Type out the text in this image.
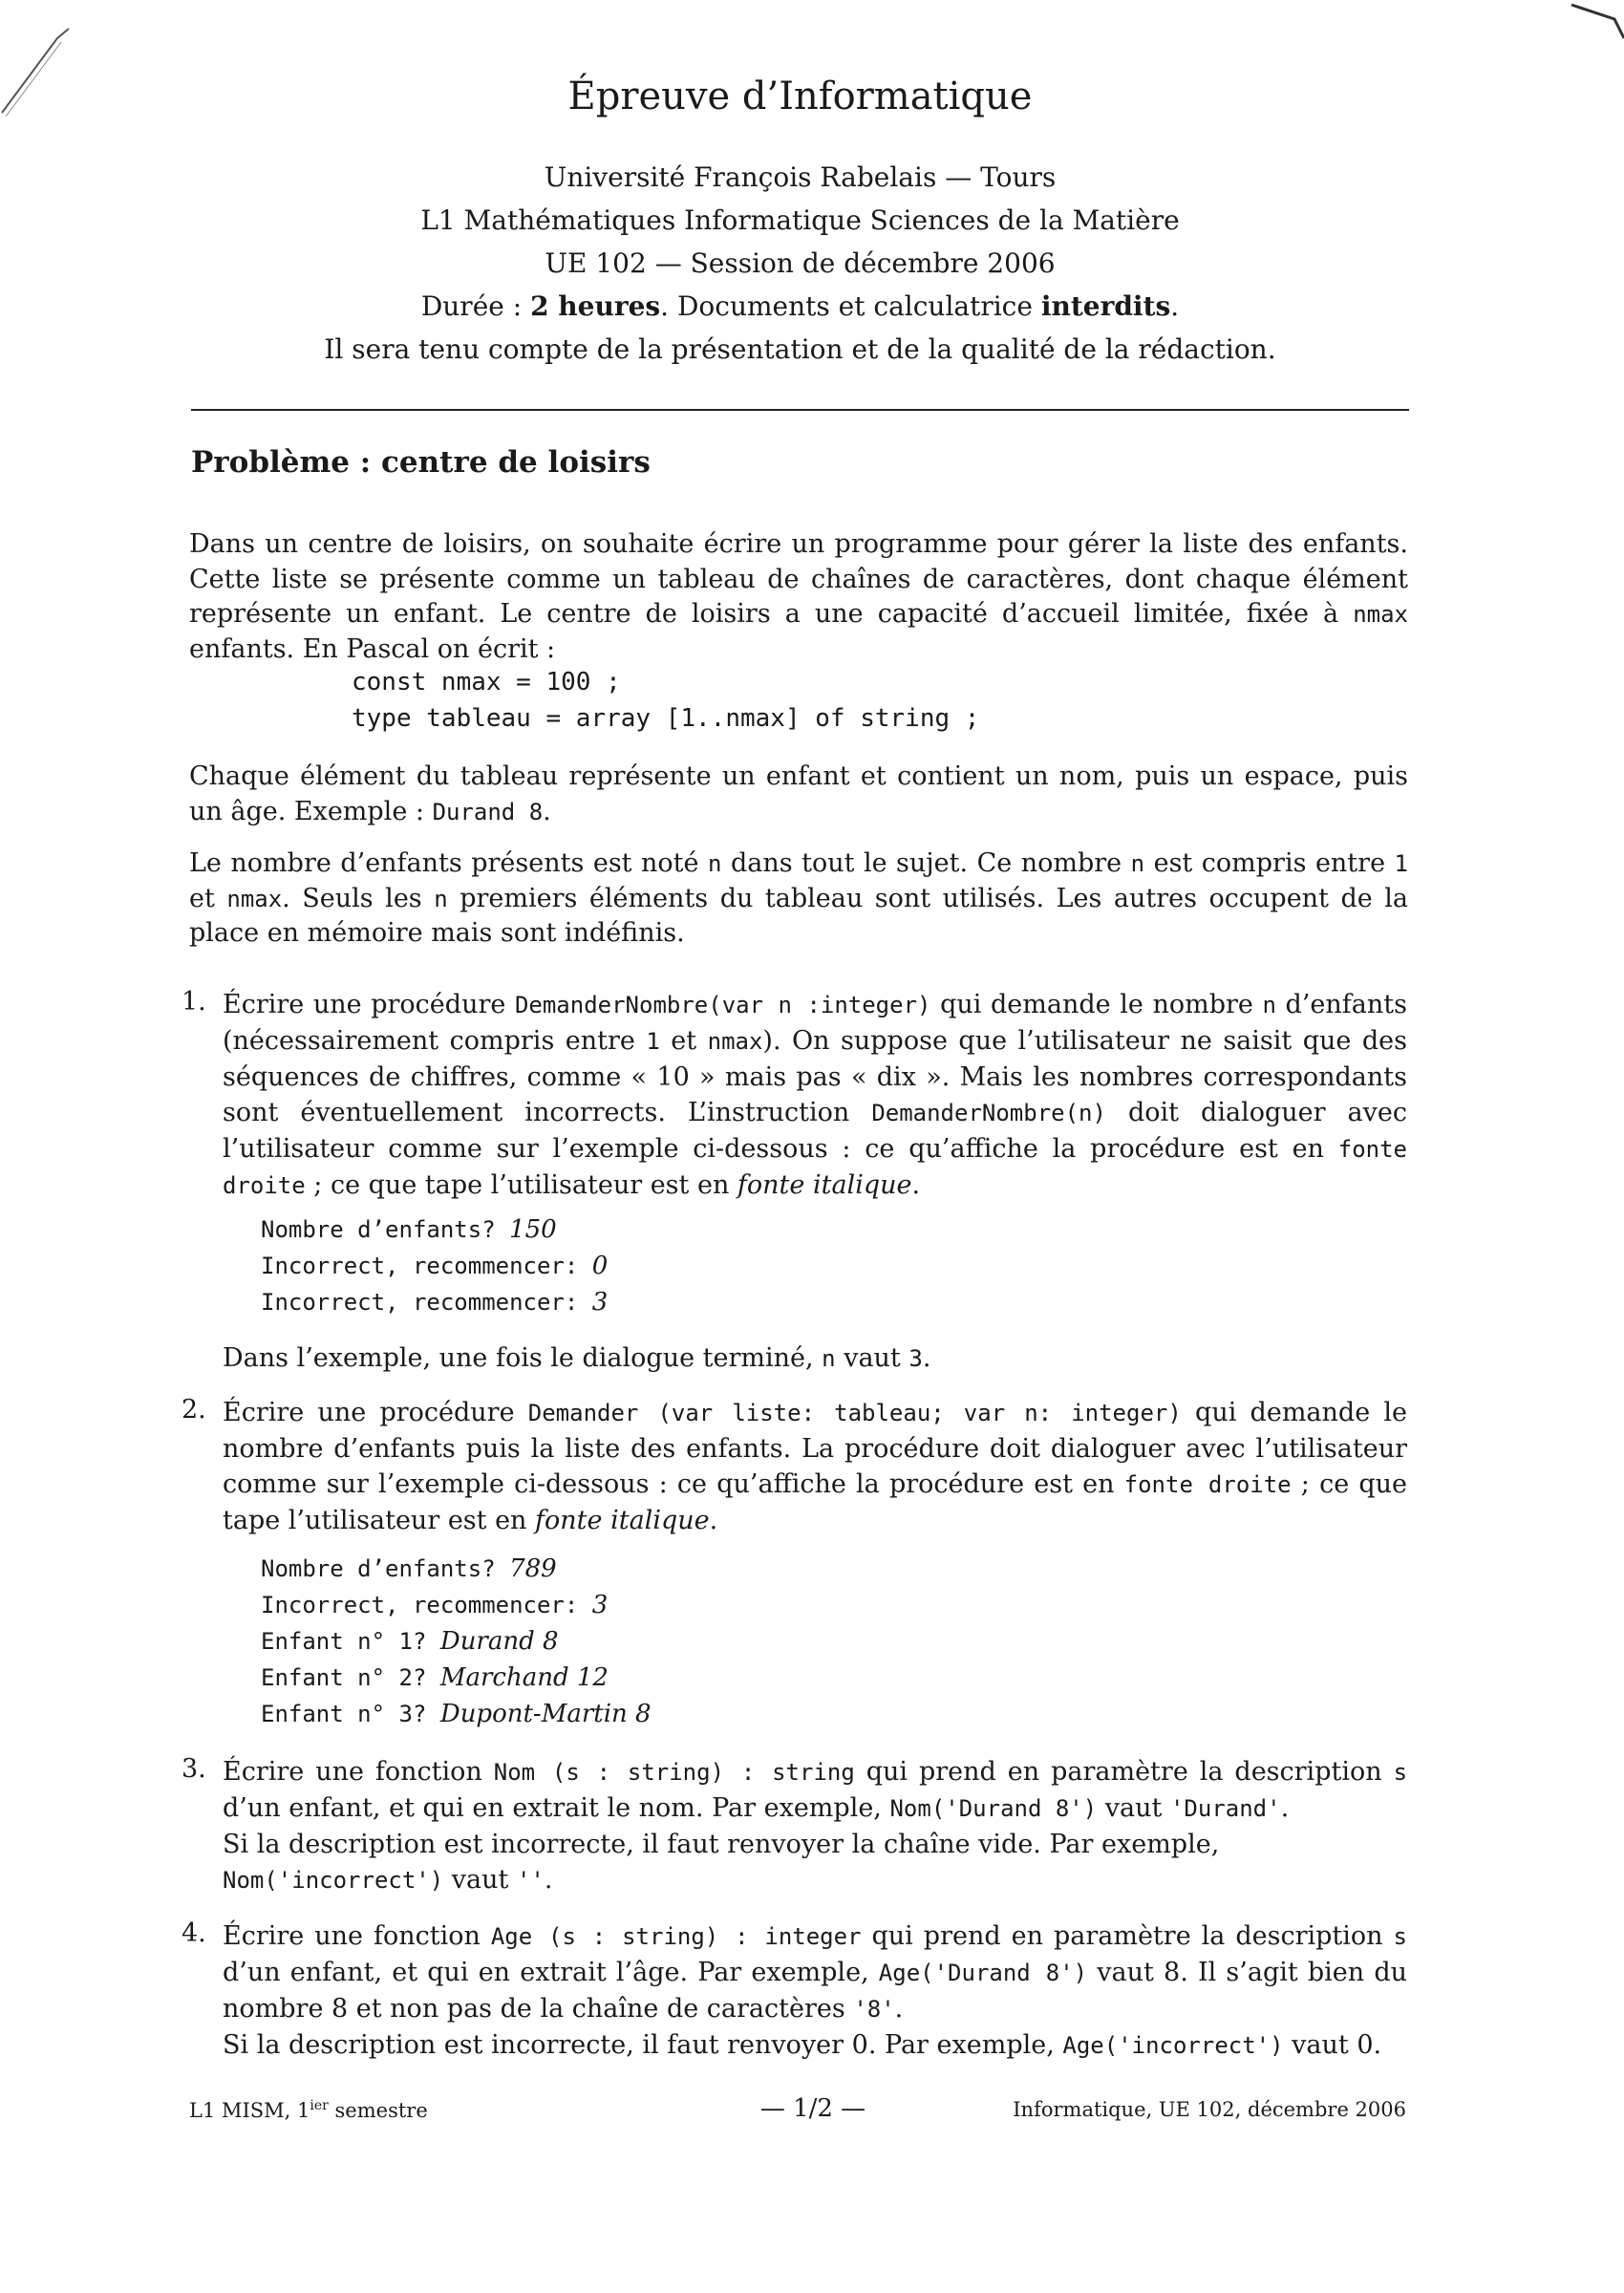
Épreuve d’Informatique
Université François Rabelais — Tours
L1 Mathématiques Informatique Sciences de la Matière
UE 102 — Session de décembre 2006
Durée : 2 heures. Documents et calculatrice interdits.
Il sera tenu compte de la présentation et de la qualité de la rédaction.
Problème : centre de loisirs
Dans un centre de loisirs, on souhaite écrire un programme pour gérer la liste des enfants. Cette liste se présente comme un tableau de chaînes de caractères, dont chaque élément représente un enfant. Le centre de loisirs a une capacité d’accueil limitée, fixée à nmax enfants. En Pascal on écrit :
const nmax = 100 ;
type tableau = array [1..nmax] of string ;
Chaque élément du tableau représente un enfant et contient un nom, puis un espace, puis un âge. Exemple : Durand 8.
Le nombre d’enfants présents est noté n dans tout le sujet. Ce nombre n est compris entre 1 et nmax. Seuls les n premiers éléments du tableau sont utilisés. Les autres occupent de la place en mémoire mais sont indéfinis.
1. Écrire une procédure DemanderNombre(var n :integer) qui demande le nombre n d’enfants (nécessairement compris entre 1 et nmax). On suppose que l’utilisateur ne saisit que des séquences de chiffres, comme « 10 » mais pas « dix ». Mais les nombres correspondants sont éventuellement incorrects. L’instruction DemanderNombre(n) doit dialoguer avec l’utilisateur comme sur l’exemple ci-dessous : ce qu’affiche la procédure est en fonte droite ; ce que tape l’utilisateur est en fonte italique.
Nombre d’enfants? 150
Incorrect, recommencer: 0
Incorrect, recommencer: 3
Dans l’exemple, une fois le dialogue terminé, n vaut 3.
2. Écrire une procédure Demander (var liste: tableau; var n: integer) qui demande le nombre d’enfants puis la liste des enfants. La procédure doit dialoguer avec l’utilisateur comme sur l’exemple ci-dessous : ce qu’affiche la procédure est en fonte droite ; ce que tape l’utilisateur est en fonte italique.
Nombre d’enfants? 789
Incorrect, recommencer: 3
Enfant n° 1? Durand 8
Enfant n° 2? Marchand 12
Enfant n° 3? Dupont-Martin 8
3. Écrire une fonction Nom (s : string) : string qui prend en paramètre la description s d’un enfant, et qui en extrait le nom. Par exemple, Nom('Durand 8') vaut 'Durand'.
Si la description est incorrecte, il faut renvoyer la chaîne vide. Par exemple,
Nom('incorrect') vaut ''.
4. Écrire une fonction Age (s : string) : integer qui prend en paramètre la description s d’un enfant, et qui en extrait l’âge. Par exemple, Age('Durand 8') vaut 8. Il s’agit bien du nombre 8 et non pas de la chaîne de caractères '8'.
Si la description est incorrecte, il faut renvoyer 0. Par exemple, Age('incorrect') vaut 0.
L1 MISM, $1^{ier}$ semestre	— 1/2 —	Informatique, UE 102, décembre 2006
